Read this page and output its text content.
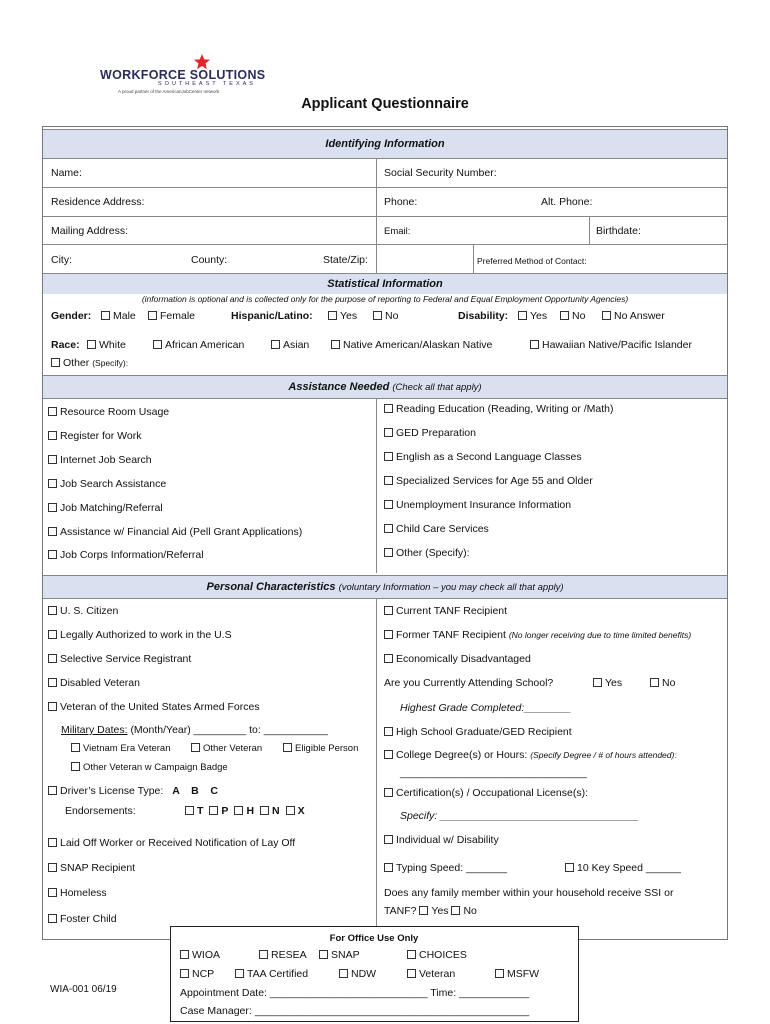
WORKFORCE SOLUTIONS
SOUTHEAST TEXAS
A proud partner of the AmericanJobCenter network
Applicant Questionnaire
Identifying Information
Name:	Social Security Number:
Residence Address:	Phone:	Alt. Phone:
Mailing Address:	Email:	Birthdate:
City:	County:	State/Zip:	Preferred Method of Contact:
Statistical Information
(information is optional and is collected only for the purpose of reporting to Federal and Equal Employment Opportunity Agencies)
Gender:	Male	Female	Hispanic/Latino:	Yes	No	Disability:	Yes	No	No Answer
Race:	White	African American	Asian	Native American/Alaskan Native	Hawaiian Native/Pacific Islander
Other (Specify):
Assistance Needed (Check all that apply)
Resource Room Usage
Register for Work
Internet Job Search
Job Search Assistance
Job Matching/Referral
Assistance w/ Financial Aid (Pell Grant Applications)
Job Corps Information/Referral
Reading Education (Reading, Writing or /Math)
GED Preparation
English as a Second Language Classes
Specialized Services for Age 55 and Older
Unemployment Insurance Information
Child Care Services
Other (Specify):
Personal Characteristics (voluntary Information – you may check all that apply)
U. S. Citizen
Legally Authorized to work in the U.S
Selective Service Registrant
Disabled Veteran
Veteran of the United States Armed Forces
Military Dates: (Month/Year) _________ to: ___________
Vietnam Era Veteran	Other Veteran	Eligible Person
Other Veteran w Campaign Badge
Driver’s License Type: A    B    C
Endorsements:	T P H N X
Laid Off Worker or Received Notification of Lay Off
SNAP Recipient
Homeless
Foster Child
Current TANF Recipient
Former TANF Recipient (No longer receiving due to time limited benefits)
Economically Disadvantaged
Are you Currently Attending School?	Yes	No
Highest Grade Completed:________
High School Graduate/GED Recipient
College Degree(s) or Hours: (Specify Degree / # of hours attended):
________________________________
Certification(s) / Occupational License(s):
Specify: __________________________________
Individual w/ Disability
Typing Speed: _______	10 Key Speed ______
Does any family member within your household receive SSI or
TANF? Yes No
For Office Use Only
WIOA	RESEA	SNAP	CHOICES
NCP	TAA Certified	NDW	Veteran	MSFW
Appointment Date: ___________________________ Time: ____________
Case Manager: _______________________________________________
WIA-001 06/19
